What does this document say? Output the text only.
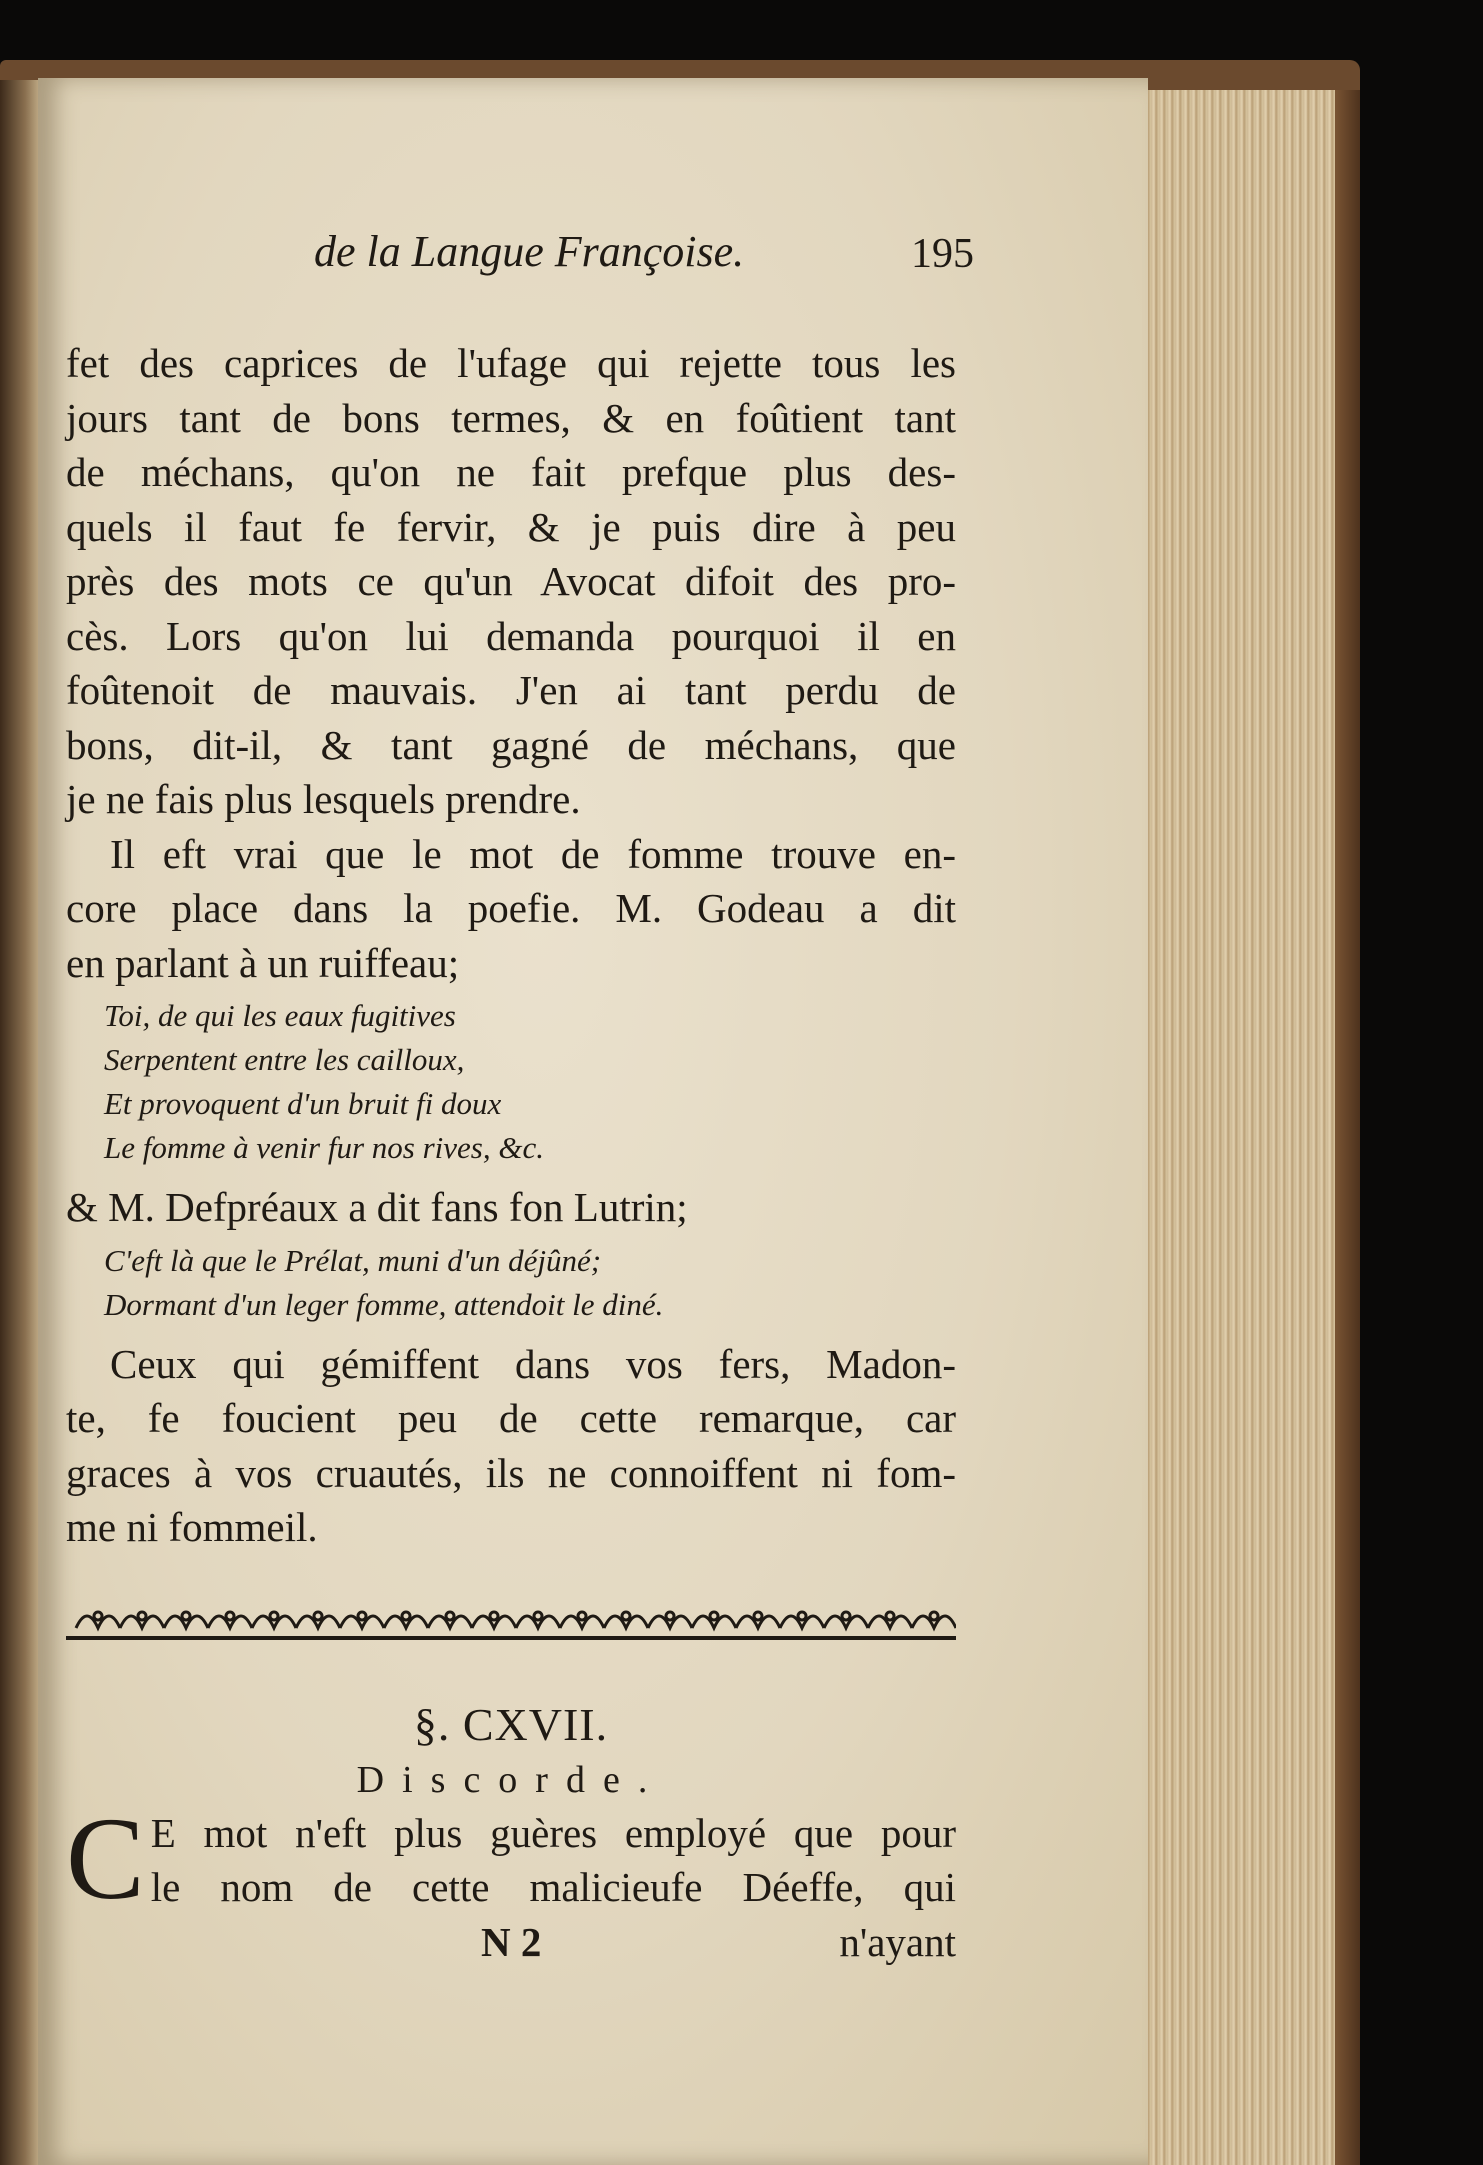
de la Langue Françoise.	195
fet des caprices de l'ufage qui rejette tous les
jours tant de bons termes, & en foûtient tant
de méchans, qu'on ne fait prefque plus des-
quels il faut fe fervir, & je puis dire à peu
près des mots ce qu'un Avocat difoit des pro-
cès. Lors qu'on lui demanda pourquoi il en
foûtenoit de mauvais. J'en ai tant perdu de
bons, dit-il, & tant gagné de méchans, que
je ne fais plus lesquels prendre.
Il eft vrai que le mot de fomme trouve en-
core place dans la poefie. M. Godeau a dit
en parlant à un ruiffeau;
Toi, de qui les eaux fugitives
Serpentent entre les cailloux,
Et provoquent d'un bruit fi doux
Le fomme à venir fur nos rives, &c.
& M. Defpréaux a dit fans fon Lutrin;
C'eft là que le Prélat, muni d'un déjûné;
Dormant d'un leger fomme, attendoit le diné.
Ceux qui gémiffent dans vos fers, Madon-
te, fe foucient peu de cette remarque, car
graces à vos cruautés, ils ne connoiffent ni fom-
me ni fommeil.
§. CXVII.
Discorde.
C E mot n'eft plus guères employé que pour
le nom de cette malicieufe Déeffe, qui
N 2	n'ayant
